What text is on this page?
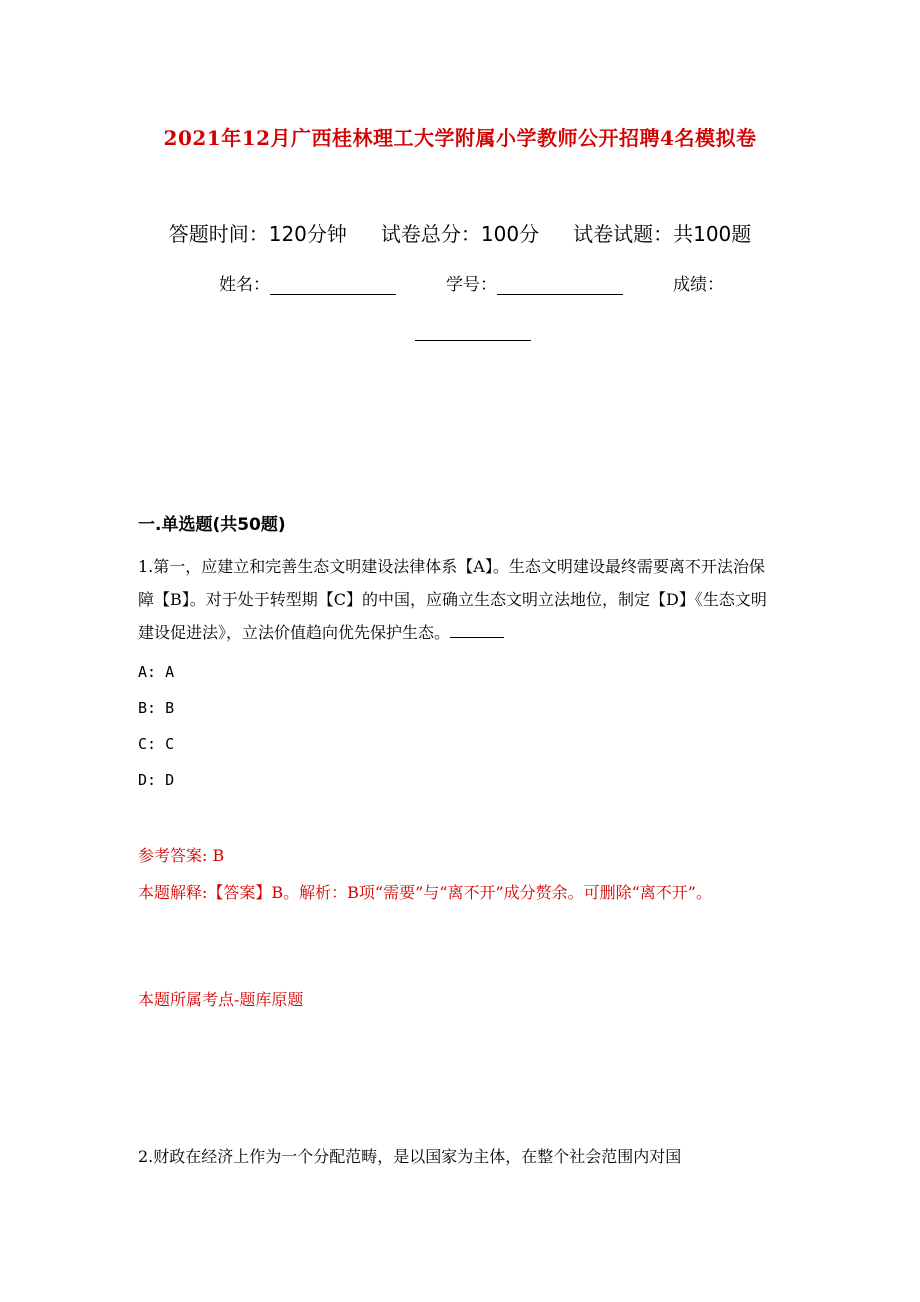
2021年12月广西桂林理工大学附属小学教师公开招聘4名模拟卷
答题时间：120分钟 试卷总分：100分 试卷试题：共100题
姓名：	学号：	成绩：
一.单选题(共50题)
1.第一，应建立和完善生态文明建设法律体系【A】。生态文明建设最终需要离不开法治保障【B】。对于处于转型期【C】的中国，应确立生态文明立法地位，制定【D】《生态文明建设促进法》，立法价值趋向优先保护生态。
A: A
B: B
C: C
D: D
参考答案: B
本题解释:【答案】B。解析：B项“需要”与“离不开”成分赘余。可删除“离不开”。
本题所属考点-题库原题
2.财政在经济上作为一个分配范畴，是以国家为主体，在整个社会范围内对国
